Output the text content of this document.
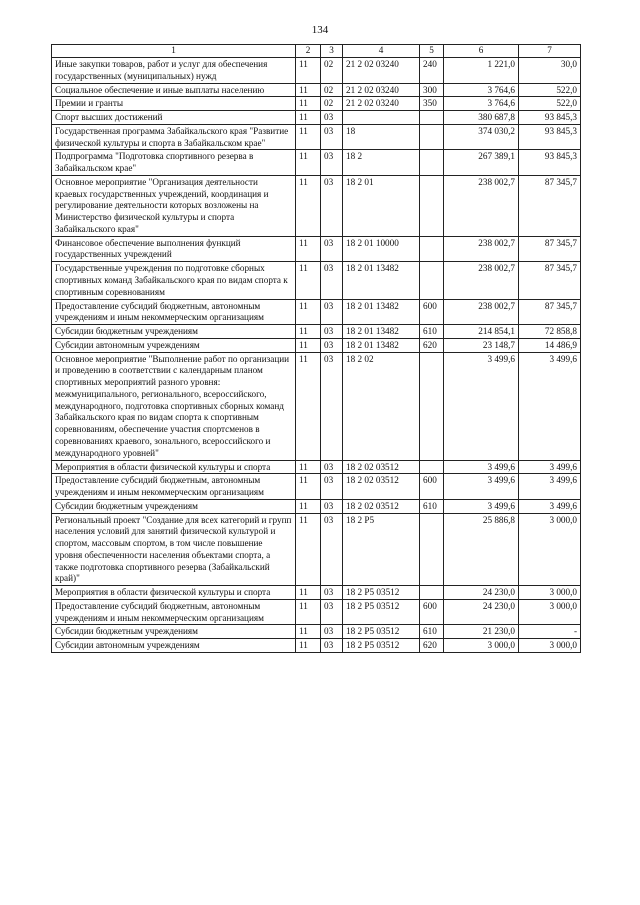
134
1	2	3	4	5	6	7
Иные закупки товаров, работ и услуг для обеспечения государственных (муниципальных) нужд	11	02	21 2 02 03240	240	1 221,0	30,0
Социальное обеспечение и иные выплаты населению	11	02	21 2 02 03240	300	3 764,6	522,0
Премии и гранты	11	02	21 2 02 03240	350	3 764,6	522,0
Спорт высших достижений	11	03			380 687,8	93 845,3
Государственная программа Забайкальского края "Развитие физической культуры и спорта в Забайкальском крае"	11	03	18		374 030,2	93 845,3
Подпрограмма "Подготовка спортивного резерва в Забайкальском крае"	11	03	18 2		267 389,1	93 845,3
Основное мероприятие "Организация деятельности краевых государственных учреждений, координация и регулирование деятельности которых возложены на Министерство физической культуры и спорта Забайкальского края"	11	03	18 2 01		238 002,7	87 345,7
Финансовое обеспечение выполнения функций государственных учреждений	11	03	18 2 01 10000		238 002,7	87 345,7
Государственные учреждения по подготовке сборных спортивных команд Забайкальского края по видам спорта к спортивным соревнованиям	11	03	18 2 01 13482		238 002,7	87 345,7
Предоставление субсидий бюджетным, автономным учреждениям и иным некоммерческим организациям	11	03	18 2 01 13482	600	238 002,7	87 345,7
Субсидии бюджетным учреждениям	11	03	18 2 01 13482	610	214 854,1	72 858,8
Субсидии автономным учреждениям	11	03	18 2 01 13482	620	23 148,7	14 486,9
Основное мероприятие "Выполнение работ по организации и проведению в соответствии с календарным планом спортивных мероприятий разного уровня: межмуниципального, регионального, всероссийского, международного, подготовка спортивных сборных команд Забайкальского края по видам спорта к спортивным соревнованиям, обеспечение участия спортсменов в соревнованиях краевого, зонального, всероссийского и международного уровней"	11	03	18 2 02		3 499,6	3 499,6
Мероприятия в области физической культуры и спорта	11	03	18 2 02 03512		3 499,6	3 499,6
Предоставление субсидий бюджетным, автономным учреждениям и иным некоммерческим организациям	11	03	18 2 02 03512	600	3 499,6	3 499,6
Субсидии бюджетным учреждениям	11	03	18 2 02 03512	610	3 499,6	3 499,6
Региональный проект "Создание для всех категорий и групп населения условий для занятий физической культурой и спортом, массовым спортом, в том числе повышение уровня обеспеченности населения объектами спорта, а также подготовка спортивного резерва (Забайкальский край)"	11	03	18 2 P5		25 886,8	3 000,0
Мероприятия в области физической культуры и спорта	11	03	18 2 P5 03512		24 230,0	3 000,0
Предоставление субсидий бюджетным, автономным учреждениям и иным некоммерческим организациям	11	03	18 2 P5 03512	600	24 230,0	3 000,0
Субсидии бюджетным учреждениям	11	03	18 2 P5 03512	610	21 230,0	-
Субсидии автономным учреждениям	11	03	18 2 P5 03512	620	3 000,0	3 000,0
